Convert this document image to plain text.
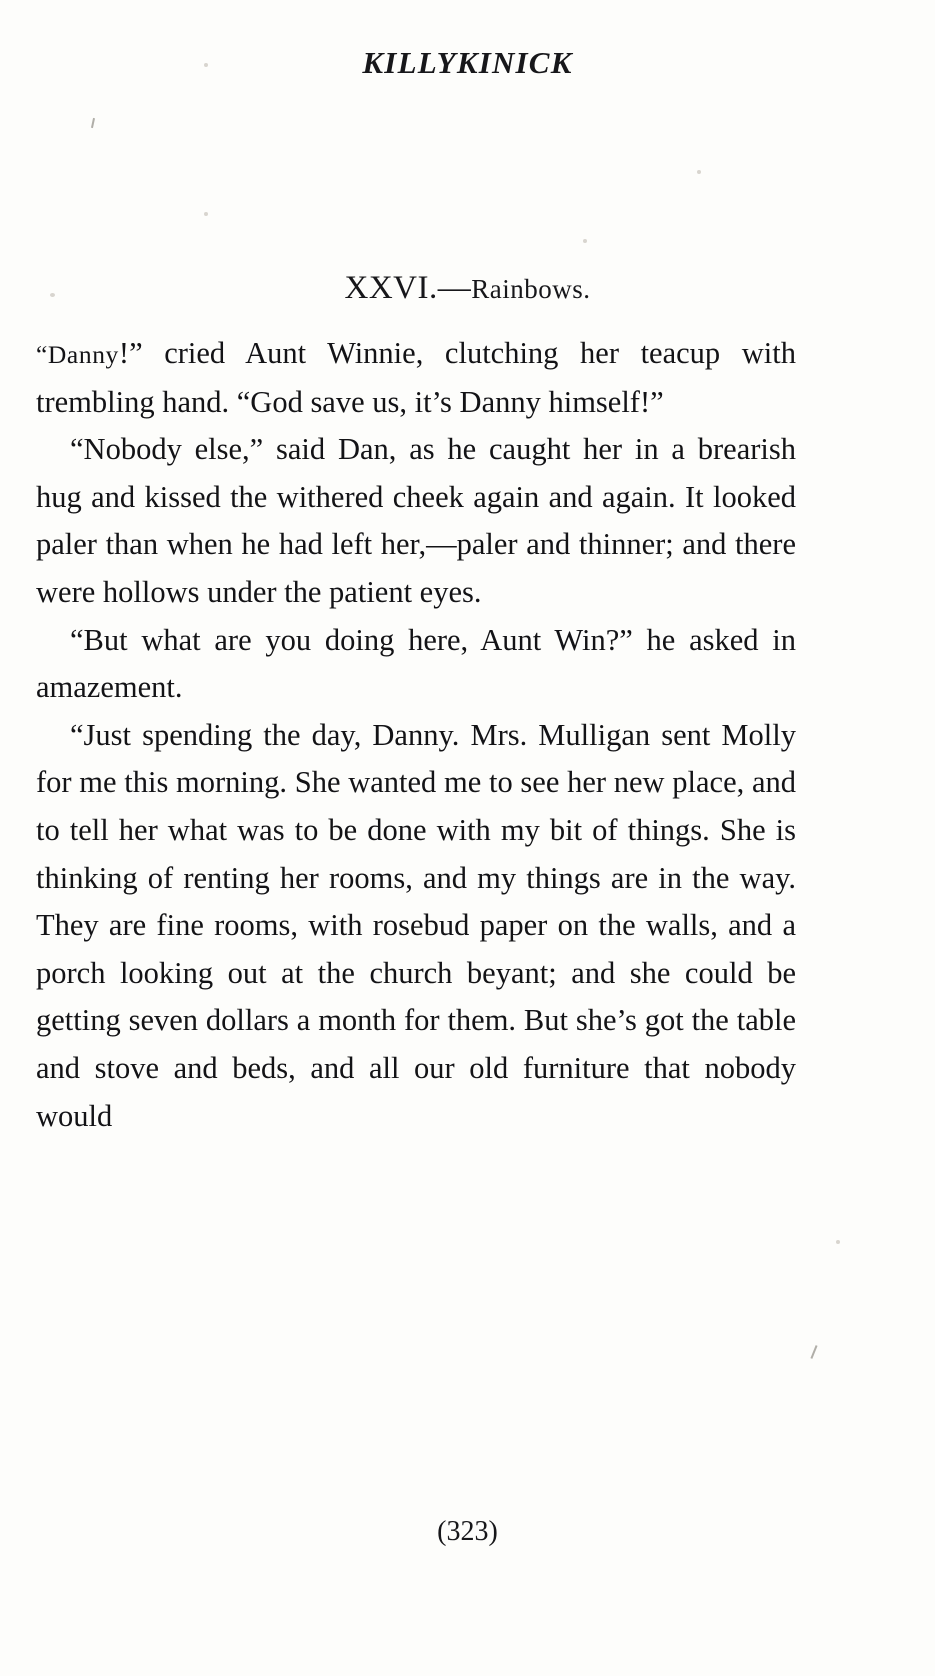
KILLYKINICK
XXVI.—Rainbows.

“Danny!” cried Aunt Winnie, clutching her teacup with trembling hand. “God save us, it’s Danny himself!”

“Nobody else,” said Dan, as he caught her in a brearish hug and kissed the withered cheek again and again. It looked paler than when he had left her,—paler and thinner; and there were hollows under the patient eyes.

“But what are you doing here, Aunt Win?” he asked in amazement.

“Just spending the day, Danny. Mrs. Mulligan sent Molly for me this morning. She wanted me to see her new place, and to tell her what was to be done with my bit of things. She is thinking of renting her rooms, and my things are in the way. They are fine rooms, with rosebud paper on the walls, and a porch looking out at the church beyant; and she could be getting seven dollars a month for them. But she’s got the table and stove and beds, and all our old furniture that nobody would

(323)
